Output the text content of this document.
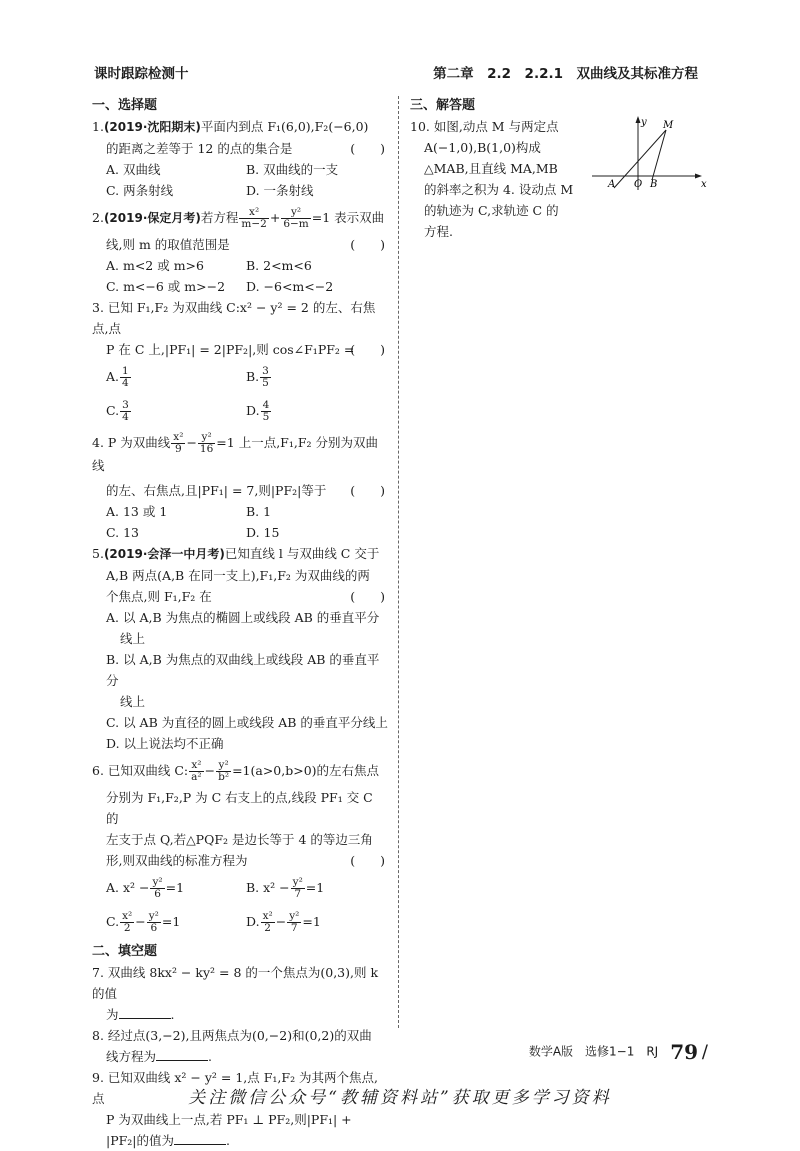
课时跟踪检测十	第二章　2.2　2.2.1　双曲线及其标准方程
一、选择题
1.(2019·沈阳期末)平面内到点 F₁(6,0),F₂(−6,0)
的距离之差等于 12 的点的集合是	(　　)
A. 双曲线	B. 双曲线的一支
C. 两条射线	D. 一条射线
2.(2019·保定月考)若方程 $\frac{\text{x²}}{m-2} + \frac{\text{y²}}{6-m} =1$ 表示双曲
线,则 m 的取值范围是	(　　)
A. m<2 或 m>6	B. 2<m<6
C. m<−6 或 m>−2	D. −6<m<−2
3. 已知 F₁,F₂ 为双曲线 C:x² − y² = 2 的左、右焦点,点
P 在 C 上,|PF₁| = 2|PF₂|,则 cos∠F₁PF₂ =
(　　)
A. $\frac{1}{4}$	B. $\frac{3}{5}$
C. $\frac{3}{4}$	D. $\frac{4}{5}$
4. P 为双曲线 $\frac{\text{x²}}{9} - \frac{\text{y²}}{16} =1$ 上一点,F₁,F₂ 分别为双曲线
的左、右焦点,且|PF₁| = 7,则|PF₂|等于 (　　)
A. 13 或 1	B. 1
C. 13	D. 15
5.(2019·会泽一中月考)已知直线 l 与双曲线 C 交于
A,B 两点(A,B 在同一支上),F₁,F₂ 为双曲线的两
个焦点,则 F₁,F₂ 在	(　　)
A. 以 A,B 为焦点的椭圆上或线段 AB 的垂直平分
线上
B. 以 A,B 为焦点的双曲线上或线段 AB 的垂直平分
线上
C. 以 AB 为直径的圆上或线段 AB 的垂直平分线上
D. 以上说法均不正确
6. 已知双曲线 C: $\frac{\text{x²}}{\text{a²}} - \frac{\text{y²}}{\text{b²}} =1(a>0,b>0)$的左右焦点
分别为 F₁,F₂,P 为 C 右支上的点,线段 PF₁ 交 C 的
左支于点 Q,若△PQF₂ 是边长等于 4 的等边三角
形,则双曲线的标准方程为	(　　)
A. $x^2 - \frac{\text{y²}}{6} =1$	B. $x^2 - \frac{\text{y²}}{7} =1$
C. $\frac{\text{x²}}{2} - \frac{\text{y²}}{6} =1$	D. $\frac{\text{x²}}{2} - \frac{\text{y²}}{7} =1$
二、填空题
7. 双曲线 8kx² − ky² = 8 的一个焦点为(0,3),则 k 的值
为	.
8. 经过点(3,−2),且两焦点为(0,−2)和(0,2)的双曲
线方程为	.
9. 已知双曲线 x² − y² = 1,点 F₁,F₂ 为其两个焦点,点
P 为双曲线上一点,若 PF₁ ⊥ PF₂,则|PF₁| +
|PF₂|的值为	.
三、解答题
10. 如图,动点 M 与两定点
A(−1,0),B(1,0)构成
△MAB,且直线 MA,MB
的斜率之积为 4. 设动点 M
的轨迹为 C,求轨迹 C 的
方程.
y M
A O B	x
数学A版　选修1−1　RJ　 79 /
关注微信公众号“教辅资料站”获取更多学习资料
